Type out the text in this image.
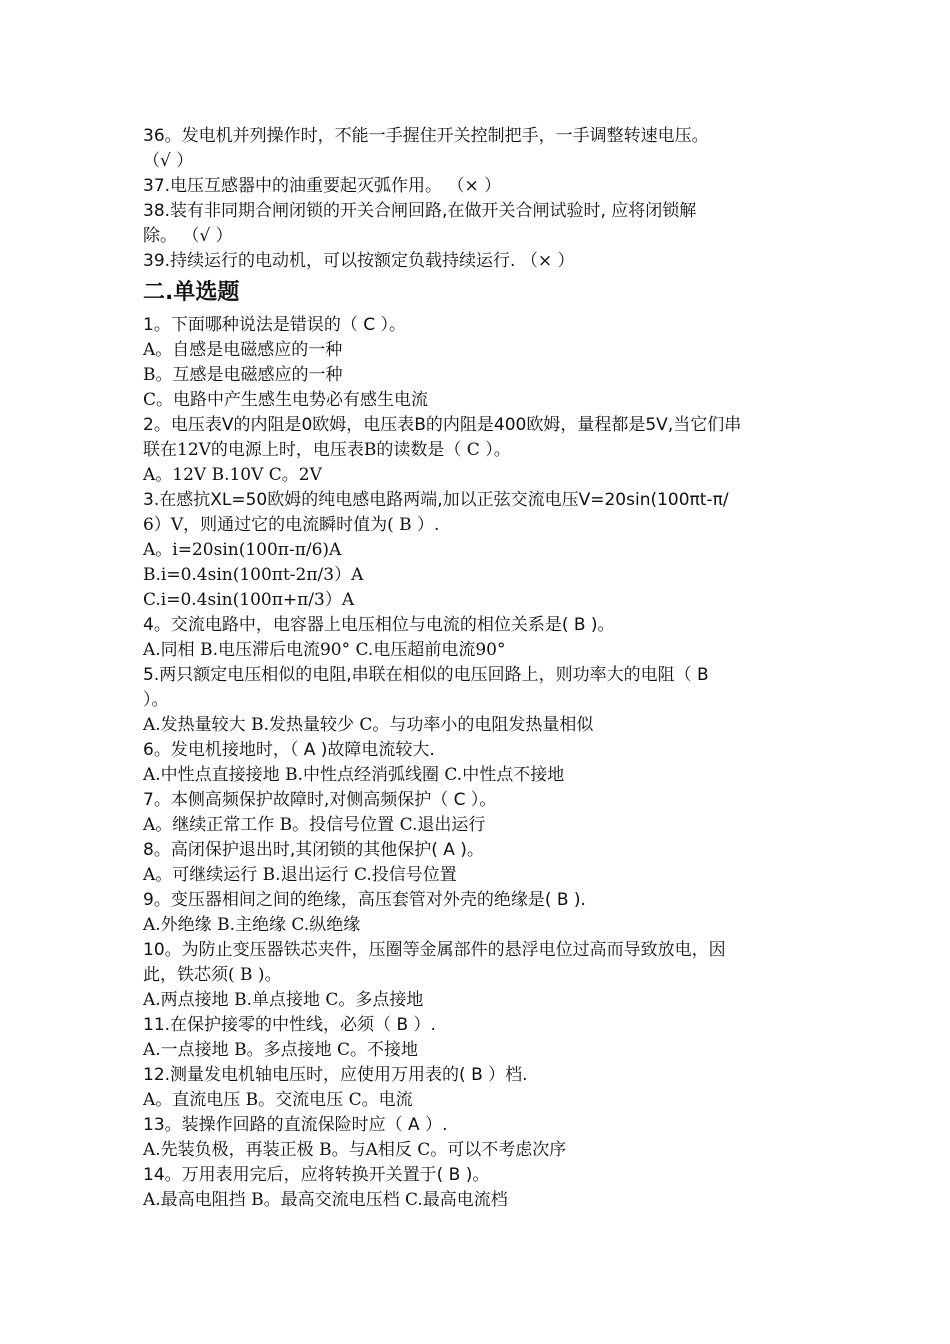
36。发电机并列操作时，不能一手握住开关控制把手，一手调整转速电压。
（√ ）
37.电压互感器中的油重要起灭弧作用。 （× ）
38.装有非同期合闸闭锁的开关合闸回路,在做开关合闸试验时, 应将闭锁解
除。 （√ ）
39.持续运行的电动机，可以按额定负载持续运行. （× ）
二.单选题
1。下面哪种说法是错误的（ C ）。
A。自感是电磁感应的一种
B。互感是电磁感应的一种
C。电路中产生感生电势必有感生电流
2。电压表V的内阻是0欧姆，电压表B的内阻是400欧姆，量程都是5V,当它们串
联在12V的电源上时，电压表B的读数是（ C ）。
A。12V B.10V C。2V
3.在感抗XL=50欧姆的纯电感电路两端,加以正弦交流电压V=20sin(100πt-π/
6）V，则通过它的电流瞬时值为( B ）.
A。i=20sin(100π-π/6)A
B.i=0.4sin(100πt-2π/3）A
C.i=0.4sin(100π+π/3）A
4。交流电路中，电容器上电压相位与电流的相位关系是( B )。
A.同相 B.电压滞后电流90° C.电压超前电流90°
5.两只额定电压相似的电阻,串联在相似的电压回路上，则功率大的电阻（ B
）。
A.发热量较大 B.发热量较少 C。与功率小的电阻发热量相似
6。发电机接地时，（ A )故障电流较大.
A.中性点直接接地 B.中性点经消弧线圈 C.中性点不接地
7。本侧高频保护故障时,对侧高频保护（ C ）。
A。继续正常工作 B。投信号位置 C.退出运行
8。高闭保护退出时,其闭锁的其他保护( A )。
A。可继续运行 B.退出运行 C.投信号位置
9。变压器相间之间的绝缘，高压套管对外壳的绝缘是( B ).
A.外绝缘 B.主绝缘 C.纵绝缘
10。为防止变压器铁芯夹件，压圈等金属部件的悬浮电位过高而导致放电，因
此，铁芯须( B )。
A.两点接地 B.单点接地 C。多点接地
11.在保护接零的中性线，必须（ B ）.
A.一点接地 B。多点接地 C。不接地
12.测量发电机轴电压时，应使用万用表的( B ）档.
A。直流电压 B。交流电压 C。电流
13。装操作回路的直流保险时应（ A ）.
A.先装负极，再装正极 B。与A相反 C。可以不考虑次序
14。万用表用完后，应将转换开关置于( B )。
A.最高电阻挡 B。最高交流电压档 C.最高电流档
